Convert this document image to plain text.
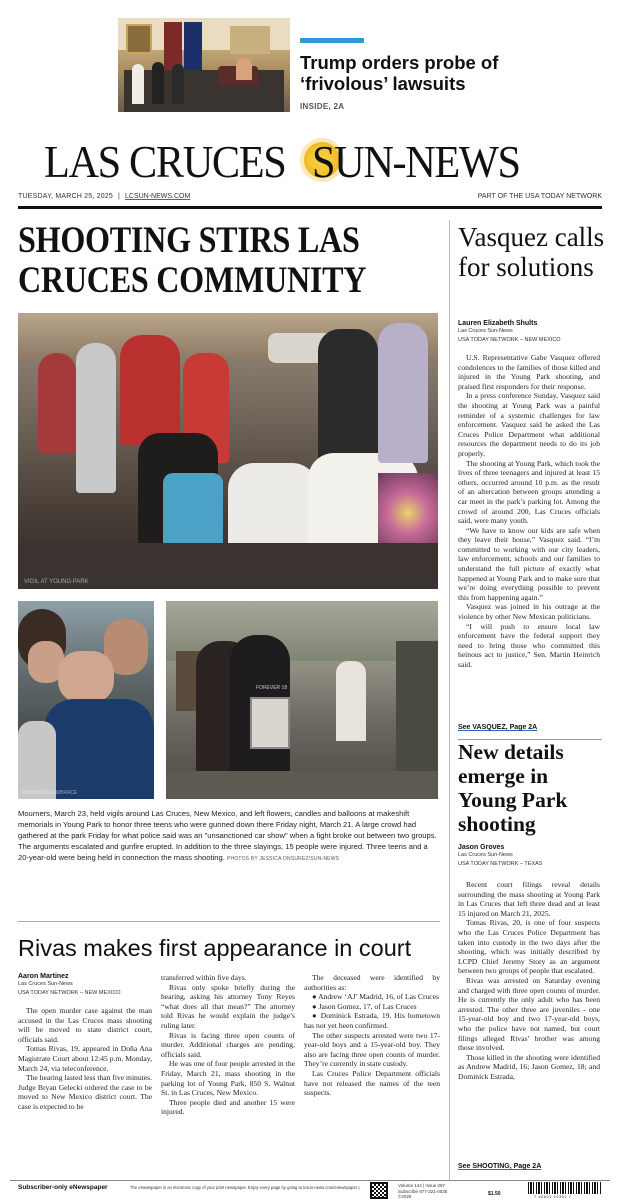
Trump orders probe of ‘frivolous’ lawsuits
INSIDE, 2A
LAS CRUCES SUN-NEWS
TUESDAY, MARCH 25, 2025 | LCSUN-NEWS.COM	PART OF THE USA TODAY NETWORK
SHOOTING STIRS LAS CRUCES COMMUNITY
VIGIL AT YOUNG PARK
MOURNERS EMBRACE
FOREVER 18
Mourners, March 23, held vigils around Las Cruces, New Mexico, and left flowers, candles and balloons at makeshift memorials in Young Park to honor three teens who were gunned down there Friday night, March 21. A large crowd had gathered at the park Friday for what police said was an "unsanctioned car show" when a fight broke out between two groups. The arguments escalated and gunfire erupted. In addition to the three slayings, 15 people were injured. Three teens and a 20-year-old were being held in connection the mass shooting. PHOTOS BY JESSICA ONSUREZ/SUN-NEWS
Rivas makes first appearance in court
Aaron Martinez
Las Cruces Sun-News
USA TODAY NETWORK – NEW MEXICO

The open murder case against the man accused in the Las Cruces mass shooting will be moved to state district court, officials said.

Tomas Rivas, 19, appeared in Doña Ana Magistrate Court about 12:45 p.m. Monday, March 24, via teleconference.

The hearing lasted less than five minutes. Judge Bryan Gelecki ordered the case to be moved to New Mexico district court. The case is expected to be

transferred within five days.

Rivas only spoke briefly during the hearing, asking his attorney Tony Reyes “what does all that mean?” The attorney told Rivas he would explain the judge’s ruling later.

Rivas is facing three open counts of murder. Additional charges are pending, officials said.

He was one of four people arrested in the Friday, March 21, mass shooting in the parking lot of Young Park, 850 S. Walnut St. in Las Cruces, New Mexico.

Three people died and another 15 were injured.

The deceased were identified by authorities as:

● Andrew ‘AJ’ Madrid, 16, of Las Cruces

● Jason Gomez, 17, of Las Cruces

● Dominick Estrada, 19. His hometown has not yet been confirmed.

The other suspects arrested were two 17-year-old boys and a 15-year-old boy. They also are facing three open counts of murder. They’re currently in state custody.

Las Cruces Police Department officials have not released the names of the teen suspects.

Vasquez calls for solutions
Lauren Elizabeth Shults
Las Cruces Sun-News
USA TODAY NETWORK – NEW MEXICO

U.S. Representative Gabe Vasquez offered condolences to the families of those killed and injured in the Young Park shooting, and praised first responders for their response.

In a press conference Sunday, Vasquez said the shooting at Young Park was a painful reminder of a systemic challenges for law enforcement. Vasquez said he asked the Las Cruces Police Department what additional resources the department needs to do its job properly.

The shooting at Young Park, which took the lives of three teenagers and injured at least 15 others, occurred around 10 p.m. as the result of an altercation between groups attending a car meet in the park’s parking lot. Among the crowd of around 200, Las Cruces officials said, were many youth.

“We have to know our kids are safe when they leave their house,” Vasquez said. “I’m committed to working with our city leaders, law enforcement, schools and our families to understand the full picture of exactly what happened at Young Park and to make sure that we’re doing everything possible to prevent this from happening again.”

Vasquez was joined in his outrage at the violence by other New Mexican politicians.

“I will push to ensure local law enforcement have the federal support they need to bring those who committed this heinous act to justice,” Sen. Martin Heinrich said.

See VASQUEZ, Page 2A
New details emerge in Young Park shooting
Jason Groves
Las Cruces Sun-News
USA TODAY NETWORK – TEXAS

Recent court filings reveal details surrounding the mass shooting at Young Park in Las Cruces that left three dead and at least 15 injured on March 21, 2025.

Tomas Rivas, 20, is one of four suspects who the Las Cruces Police Department has taken into custody in the two days after the shooting, which was initially described by LCPD Chief Jeremy Story as an argument between two groups of people that escalated.

Rivas was arrested on Saturday evening and charged with three open counts of murder. He is currently the only adult who has been arrested. The other three are juveniles - one 15-year-old boy and two 17-year-old boys, who the police have not named, but court filings alleged Rivas’ brother was among those involved.

Those killed in the shooting were identified as Andrew Madrid, 16; Jason Gomez, 18; and Dominick Estrada,

See SHOOTING, Page 2A
Subscriber-only eNewspaper	The eNewspaper is an electronic copy of your print newspaper. Enjoy every page by going to lcsun-news.com/enewspaper	Volume 144 | Issue 297
Subscribe 877-321-0035
©2025	$1.50	7 40601 19301 7
